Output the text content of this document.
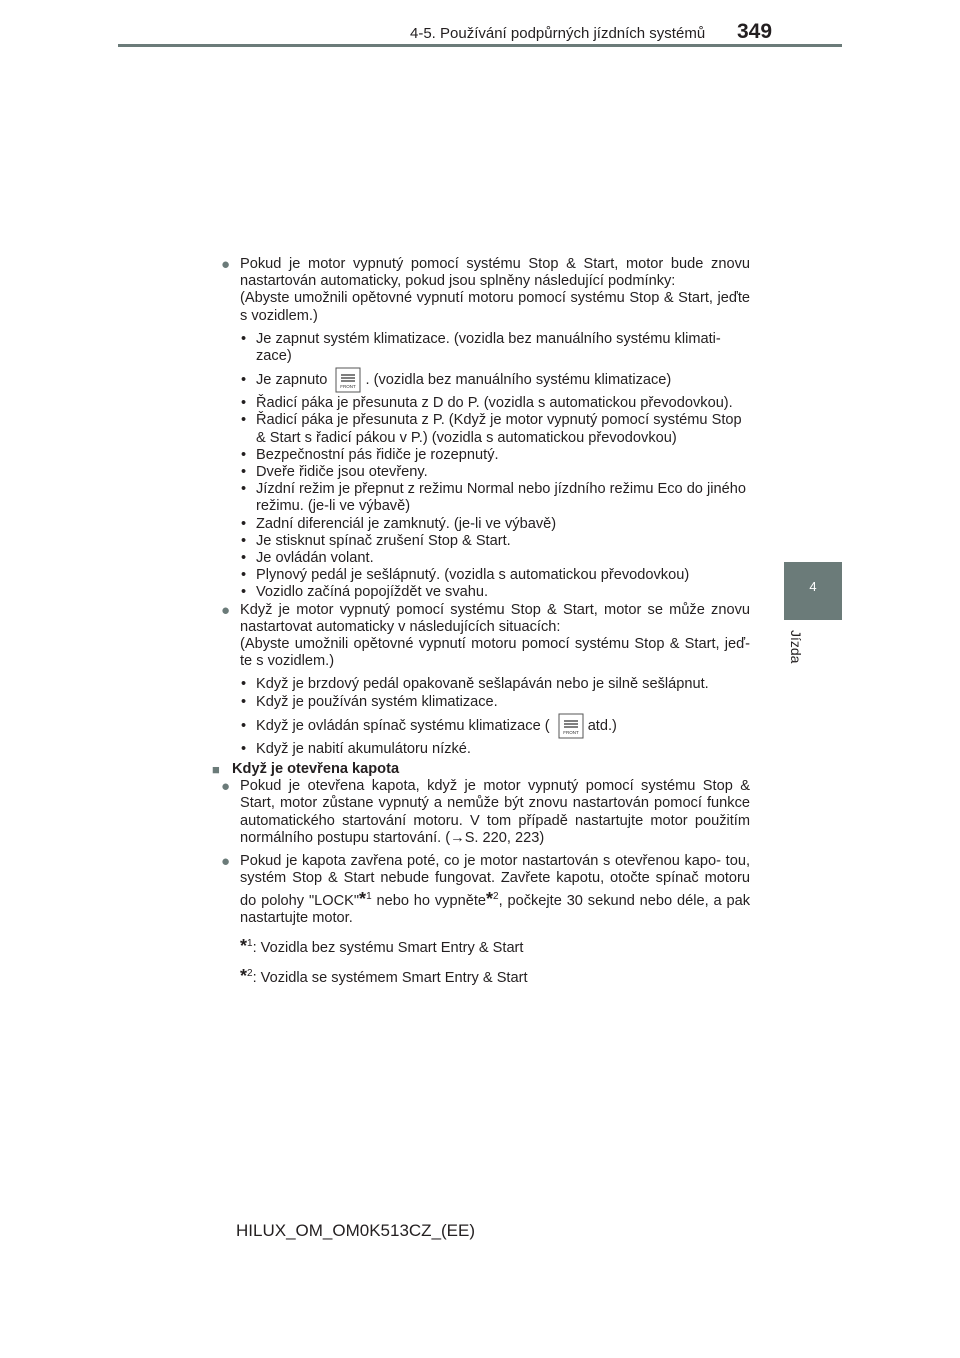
4-5. Používání podpůrných jízdních systémů 349
4
Jízda
● Pokud je motor vypnutý pomocí systému Stop & Start, motor bude znovu nastartován automaticky, pokud jsou splněny následující podmínky:
(Abyste umožnili opětovné vypnutí motoru pomocí systému Stop & Start, jeďte s vozidlem.)
• Je zapnut systém klimatizace. (vozidla bez manuálního systému klimati- zace)
• Je zapnuto	FRONT . (vozidla bez manuálního systému klimatizace)
• Řadicí páka je přesunuta z D do P. (vozidla s automatickou převodovkou).
• Řadicí páka je přesunuta z P. (Když je motor vypnutý pomocí systému Stop & Start s řadicí pákou v P.) (vozidla s automatickou převodovkou)
• Bezpečnostní pás řidiče je rozepnutý.
• Dveře řidiče jsou otevřeny.
• Jízdní režim je přepnut z režimu Normal nebo jízdního režimu Eco do jiného režimu. (je-li ve výbavě)
• Zadní diferenciál je zamknutý. (je-li ve výbavě)
• Je stisknut spínač zrušení Stop & Start.
• Je ovládán volant.
• Plynový pedál je sešlápnutý. (vozidla s automatickou převodovkou)
• Vozidlo začíná popojíždět ve svahu.
● Když je motor vypnutý pomocí systému Stop & Start, motor se může znovu nastartovat automaticky v následujících situacích:
(Abyste umožnili opětovné vypnutí motoru pomocí systému Stop & Start, jeď- te s vozidlem.)
• Když je brzdový pedál opakovaně sešlapáván nebo je silně sešlápnut.
• Když je používán systém klimatizace.
• Když je ovládán spínač systému klimatizace (	FRONT atd.)
• Když je nabití akumulátoru nízké.
■ Když je otevřena kapota
● Pokud je otevřena kapota, když je motor vypnutý pomocí systému Stop & Start, motor zůstane vypnutý a nemůže být znovu nastartován pomocí funkce automatického startování motoru. V tom případě nastartujte motor použitím normálního postupu startování. (→S. 220, 223)
● Pokud je kapota zavřena poté, co je motor nastartován s otevřenou kapo- tou, systém Stop & Start nebude fungovat. Zavřete kapotu, otočte spínač motoru do polohy "LOCK"*$^1$ nebo ho vypněte*$^2$, počkejte 30 sekund nebo déle, a pak nastartujte motor.
*$^1$: Vozidla bez systému Smart Entry & Start
*$^2$: Vozidla se systémem Smart Entry & Start
HILUX_OM_OM0K513CZ_(EE)
